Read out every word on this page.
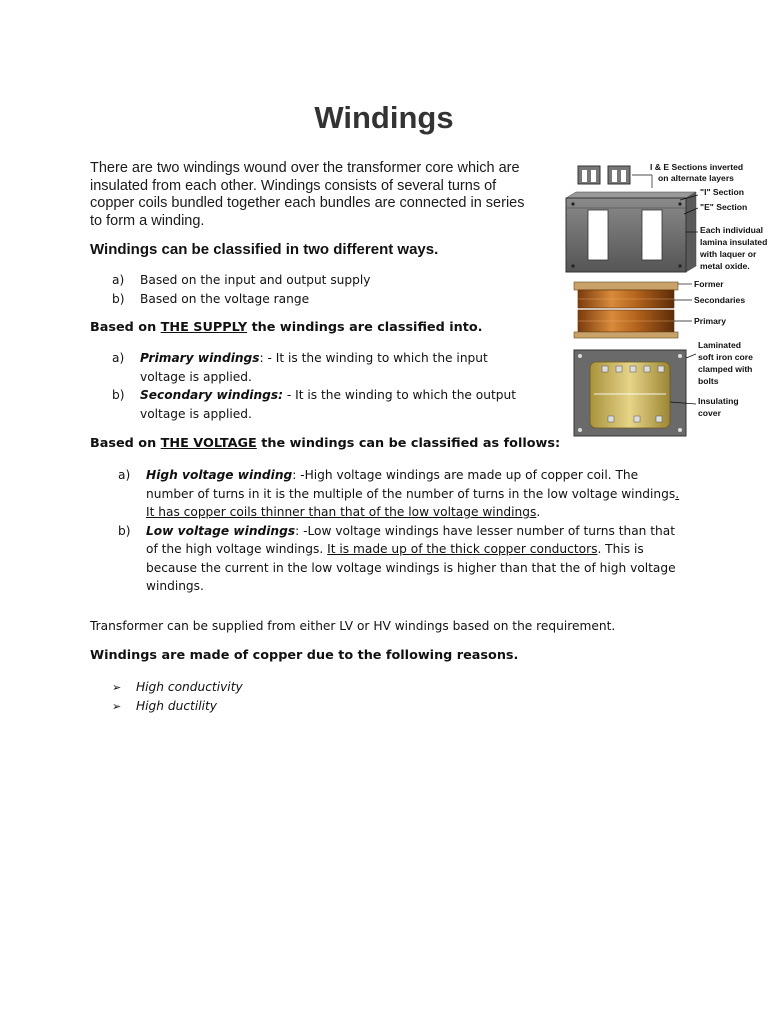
Windings
There are two windings wound over the transformer core which are insulated from each other. Windings consists of several turns of copper coils bundled together each bundles are connected in series to form a winding.
Windings can be classified in two different ways.
a) Based on the input and output supply
b) Based on the voltage range
Based on THE SUPPLY the windings are classified into.
a) Primary windings: - It is the winding to which the input voltage is applied.
b) Secondary windings: - It is the winding to which the output voltage is applied.
Based on THE VOLTAGE the windings can be classified as follows:
a) High voltage winding: -High voltage windings are made up of copper coil. The number of turns in it is the multiple of the number of turns in the low voltage windings. It has copper coils thinner than that of the low voltage windings.
b) Low voltage windings: -Low voltage windings have lesser number of turns than that of the high voltage windings. It is made up of the thick copper conductors. This is because the current in the low voltage windings is higher than that the of high voltage windings.
Transformer can be supplied from either LV or HV windings based on the requirement.
Windings are made of copper due to the following reasons.
➢ High conductivity
➢ High ductility
I & E Sections inverted on alternate layers
"I" Section
"E" Section
Each individual lamina insulated with laquer or metal oxide.
Former
Secondaries
Primary
Laminated soft iron core clamped with bolts
Insulating cover
